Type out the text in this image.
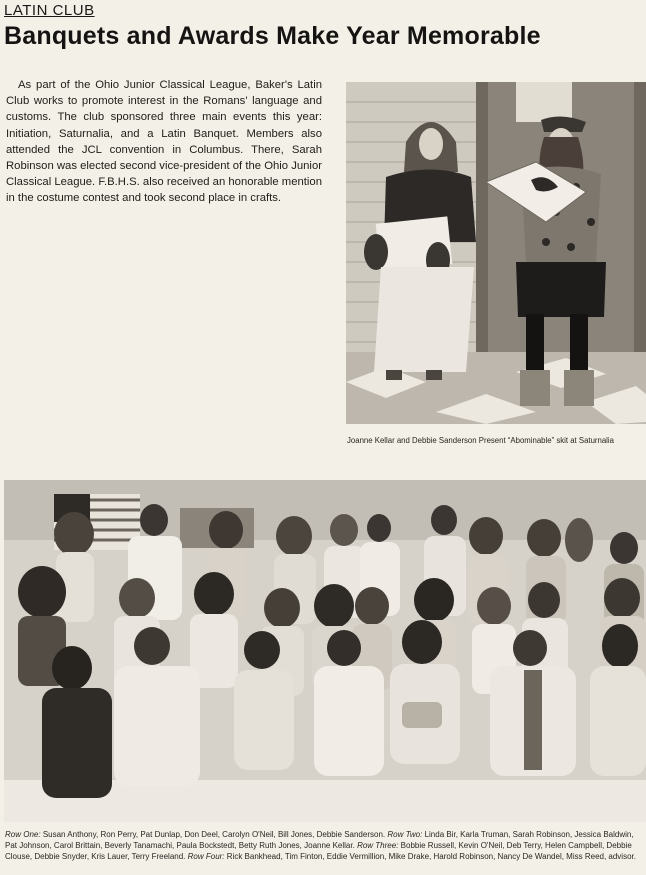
LATIN CLUB
Banquets and Awards Make Year Memorable
As part of the Ohio Junior Classical League, Baker's Latin Club works to promote interest in the Romans' language and customs. The club sponsored three main events this year: Initiation, Saturnalia, and a Latin Banquet. Members also attended the JCL convention in Columbus. There, Sarah Robinson was elected second vice-president of the Ohio Junior Classical League. F.B.H.S. also received an honorable mention in the costume contest and took second place in crafts.
Joanne Kellar and Debbie Sanderson Present “Abominable” skit at Saturnalia
Row One: Susan Anthony, Ron Perry, Pat Dunlap, Don Deel, Carolyn O'Neil, Bill Jones, Debbie Sanderson. Row Two: Linda Bir, Karla Truman, Sarah Robinson, Jessica Baldwin, Pat Johnson, Carol Brittain, Beverly Tanamachi, Paula Bockstedt, Betty Ruth Jones, Joanne Kellar. Row Three: Bobbie Russell, Kevin O'Neil, Deb Terry, Helen Campbell, Debbie Clouse, Debbie Snyder, Kris Lauer, Terry Freeland. Row Four: Rick Bankhead, Tim Finton, Eddie Vermillion, Mike Drake, Harold Robinson, Nancy De Wandel, Miss Reed, advisor.
